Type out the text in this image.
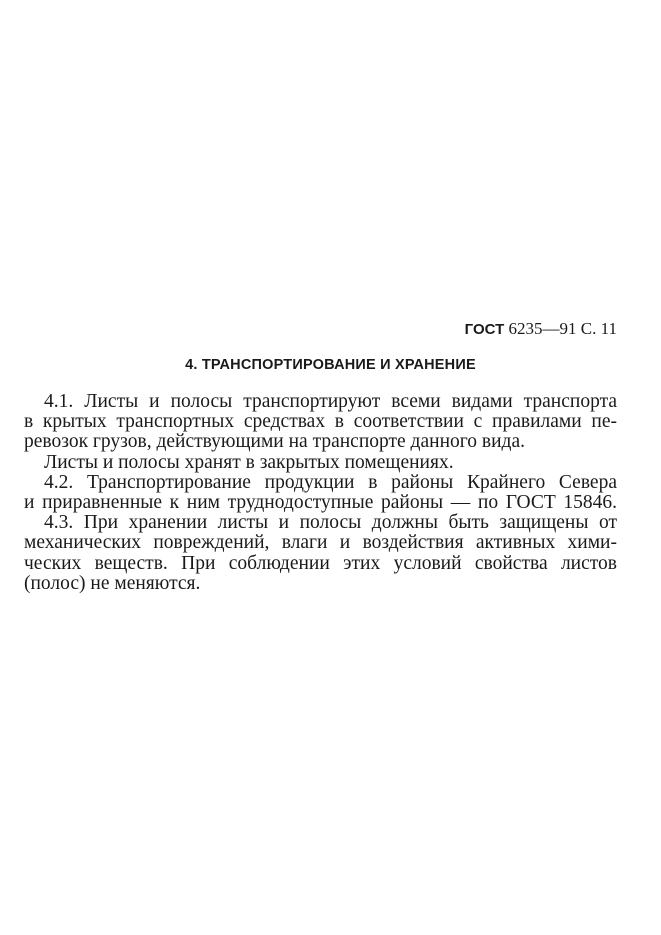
ГОСТ 6235—91 С. 11
4. ТРАНСПОРТИРОВАНИЕ И ХРАНЕНИЕ
4.1. Листы и полосы транспортируют всеми видами транспорта
в крытых транспортных средствах в соответствии с правилами пе-
ревозок грузов, действующими на транспорте данного вида.
Листы и полосы хранят в закрытых помещениях.
4.2. Транспортирование продукции в районы Крайнего Севера
и приравненные к ним труднодоступные районы — по ГОСТ 15846.
4.3. При хранении листы и полосы должны быть защищены от
механических повреждений, влаги и воздействия активных хими-
ческих веществ. При соблюдении этих условий свойства листов
(полос) не меняются.
